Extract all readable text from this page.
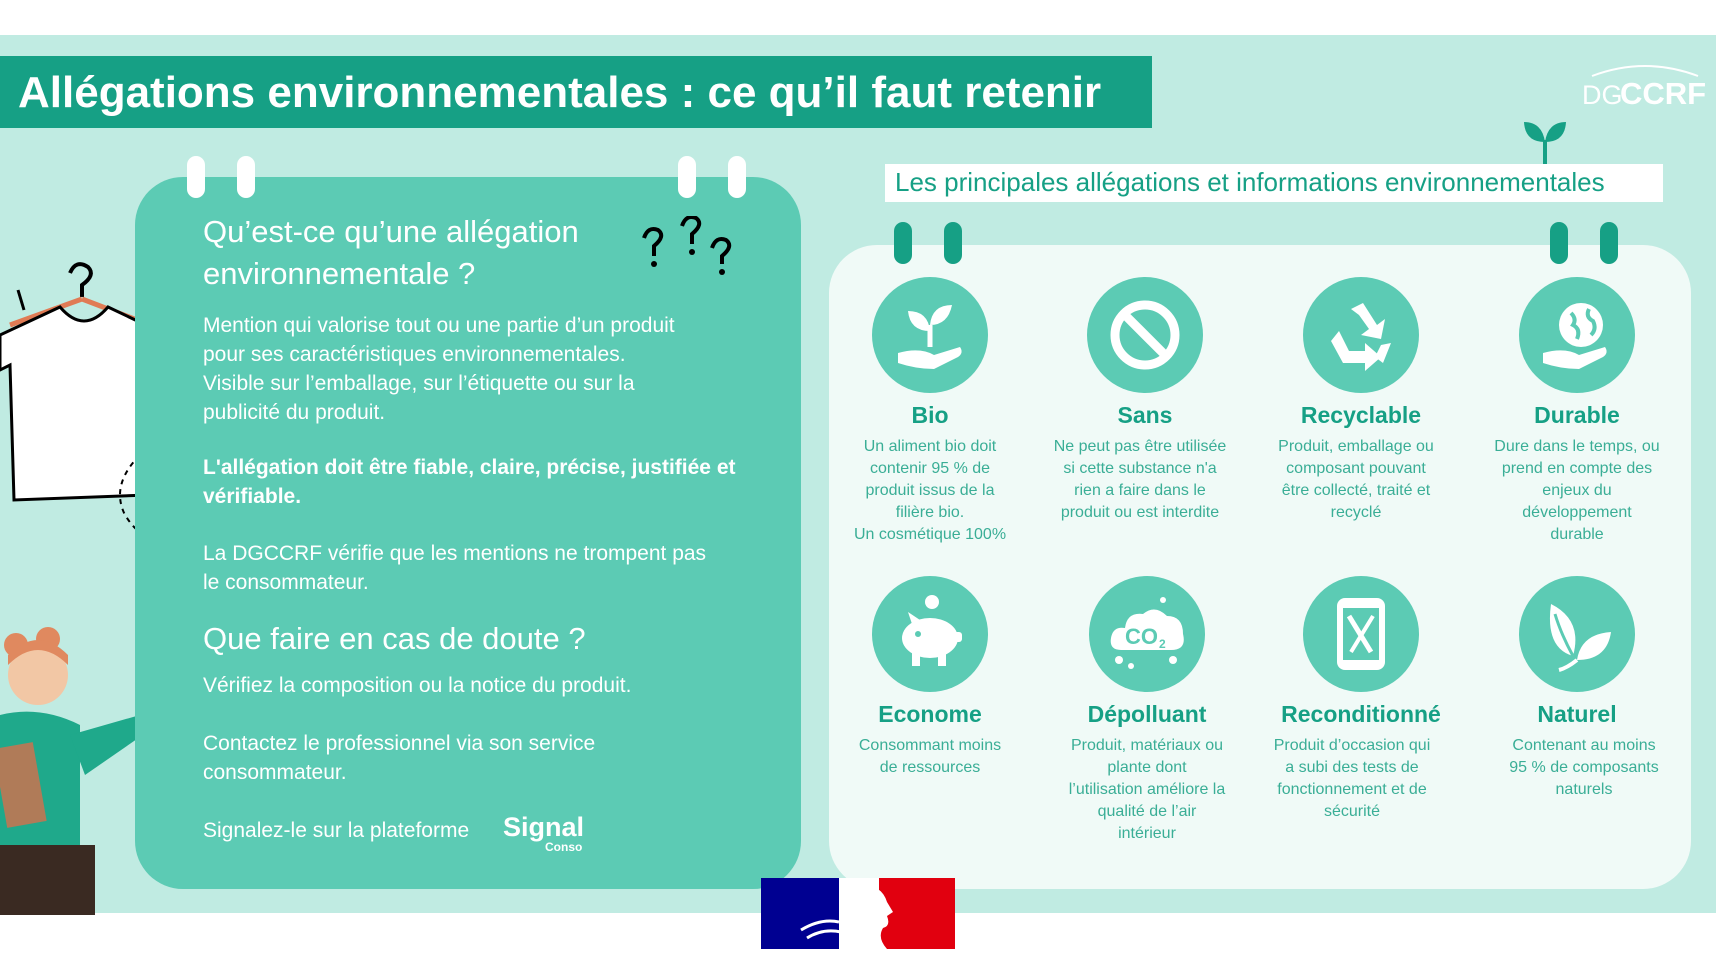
Allégations environnementales : ce qu’il faut retenir	DG
CCRF
Qu’est-ce qu’une allégation
environnementale ?
Mention qui valorise tout ou une partie d’un produit
pour ses caractéristiques environnementales.
Visible sur l’emballage, sur l’étiquette ou sur la
publicité du produit.
L'allégation doit être fiable, claire, précise, justifiée et
vérifiable.
La DGCCRF vérifie que les mentions ne trompent pas
le consommateur.
Que faire en cas de doute ?
Vérifiez la composition ou la notice du produit.
Contactez le professionnel via son service
consommateur.
Signalez-le sur la plateforme Signal
Conso
Les principales allégations et informations environnementales
Bio	Sans	Recyclable	Durable
Un aliment bio doit
contenir 95 % de
produit issus de la
filière bio.
Un cosmétique 100%
Ne peut pas être utilisée
si cette substance n'a
rien a faire dans le
produit ou est interdite
Produit, emballage ou
composant pouvant
être collecté, traité et
recyclé
Dure dans le temps, ou
prend en compte des
enjeux du
développement
durable
CO 2
Econome	Dépolluant	Reconditionné	Naturel
Consommant moins
de ressources
Produit, matériaux ou
plante dont
l’utilisation améliore la
qualité de l’air
intérieur
Produit d’occasion qui
a subi des tests de
fonctionnement et de
sécurité
Contenant au moins
95 % de composants
naturels
